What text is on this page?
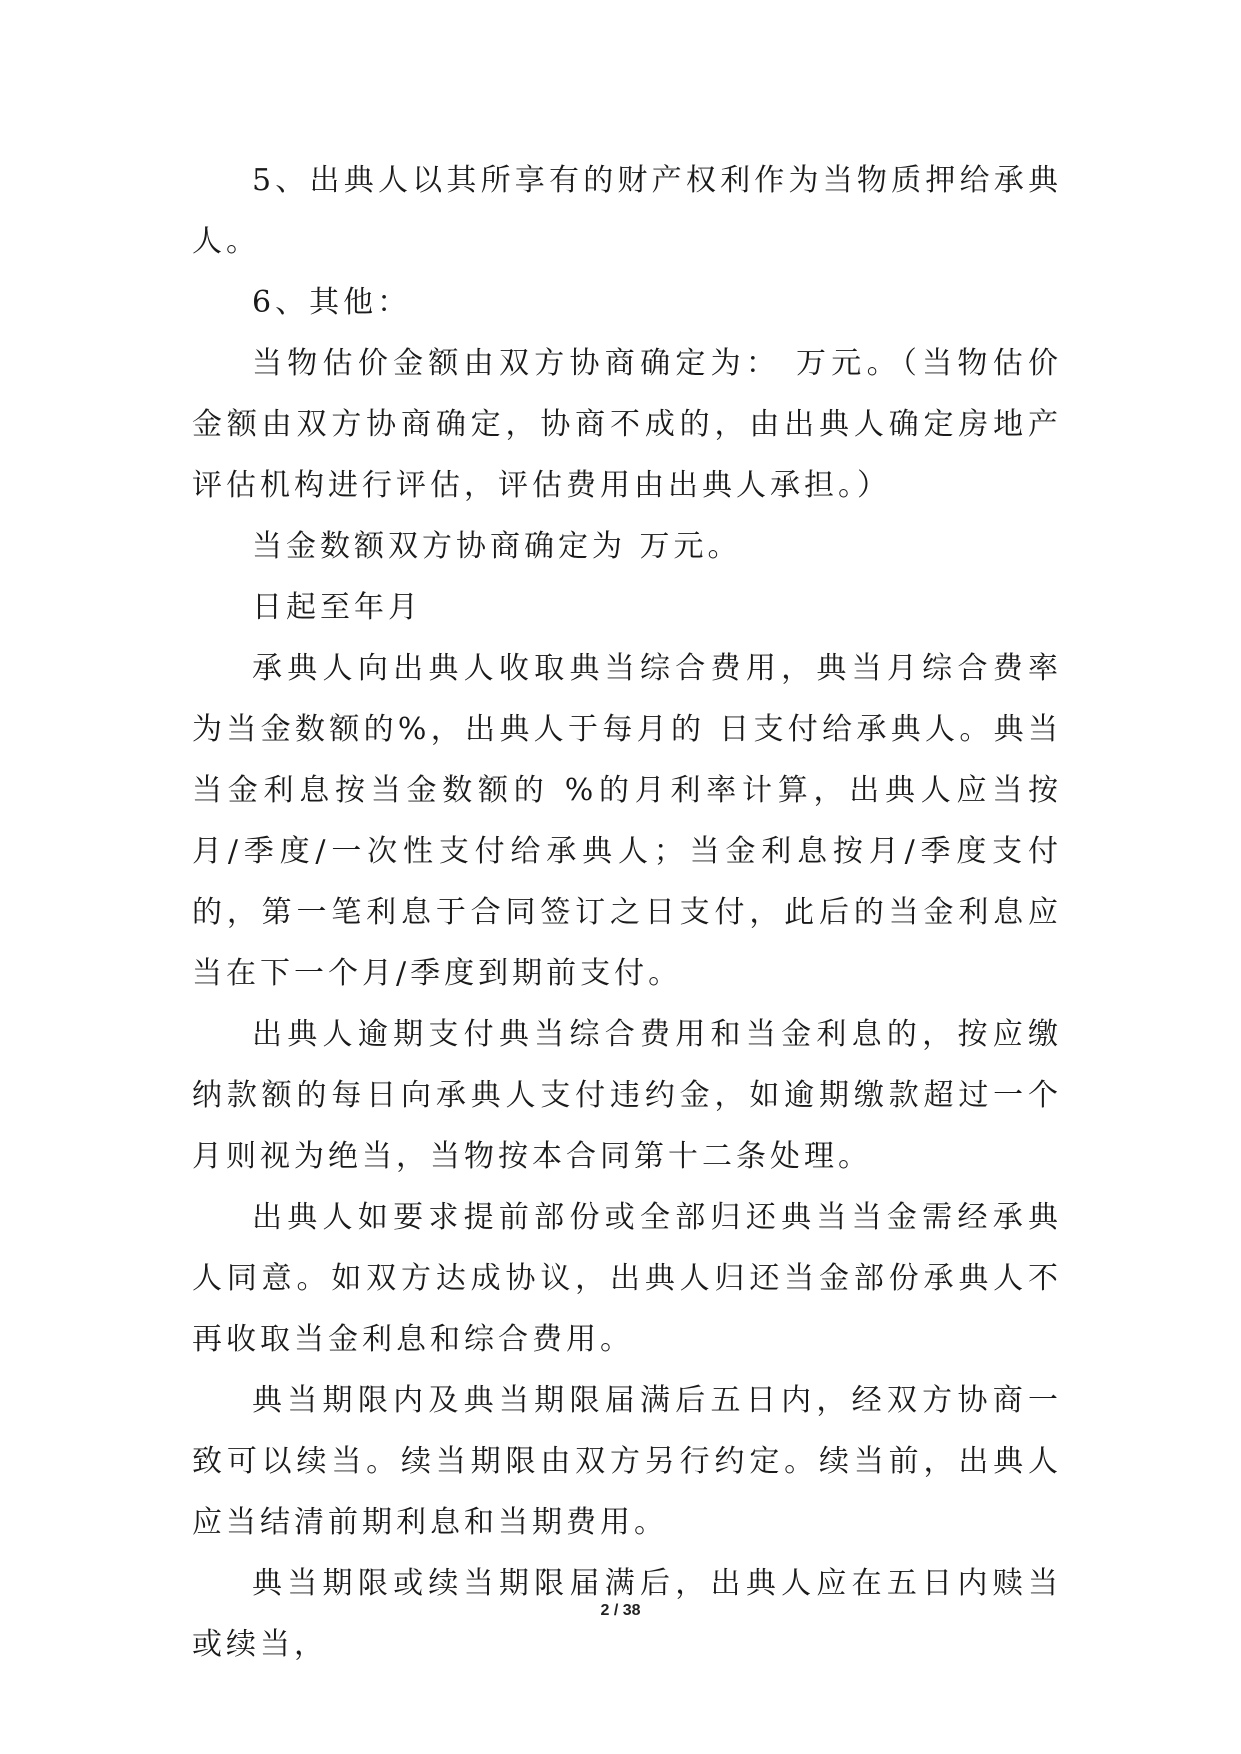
5、出典人以其所享有的财产权利作为当物质押给承典人。

6、其他：

当物估价金额由双方协商确定为： 万元。（当物估价金额由双方协商确定，协商不成的，由出典人确定房地产评估机构进行评估，评估费用由出典人承担。）

当金数额双方协商确定为 万元。

日起至年月

承典人向出典人收取典当综合费用，典当月综合费率为当金数额的%，出典人于每月的 日支付给承典人。典当当金利息按当金数额的 %的月利率计算，出典人应当按月/季度/一次性支付给承典人；当金利息按月/季度支付的，第一笔利息于合同签订之日支付，此后的当金利息应当在下一个月/季度到期前支付。

出典人逾期支付典当综合费用和当金利息的，按应缴纳款额的每日向承典人支付违约金，如逾期缴款超过一个月则视为绝当，当物按本合同第十二条处理。

出典人如要求提前部份或全部归还典当当金需经承典人同意。如双方达成协议，出典人归还当金部份承典人不再收取当金利息和综合费用。

典当期限内及典当期限届满后五日内，经双方协商一致可以续当。续当期限由双方另行约定。续当前，出典人应当结清前期利息和当期费用。

典当期限或续当期限届满后，出典人应在五日内赎当或续当，

2 / 38
